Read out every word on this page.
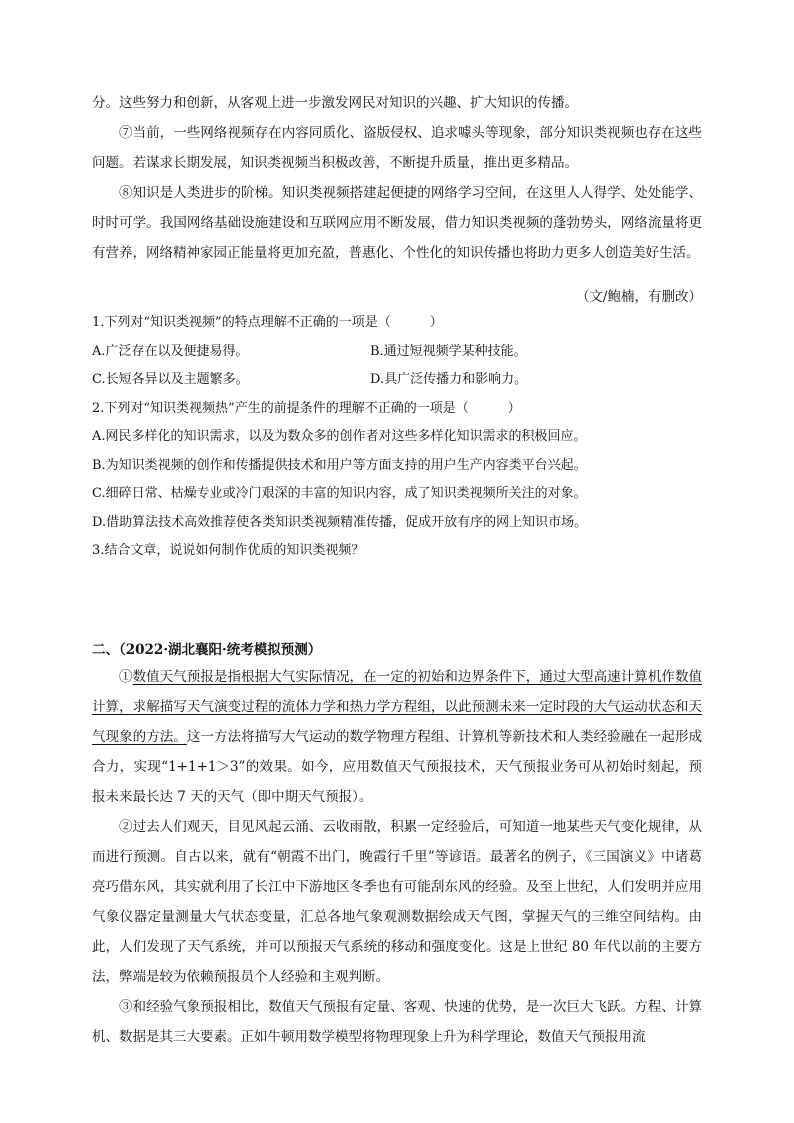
分。这些努力和创新，从客观上进一步激发网民对知识的兴趣、扩大知识的传播。

⑦当前，一些网络视频存在内容同质化、盗版侵权、追求噱头等现象，部分知识类视频也存在这些问题。若谋求长期发展，知识类视频当积极改善，不断提升质量，推出更多精品。

⑧知识是人类进步的阶梯。知识类视频搭建起便捷的网络学习空间，在这里人人得学、处处能学、时时可学。我国网络基础设施建设和互联网应用不断发展，借力知识类视频的蓬勃势头，网络流量将更有营养，网络精神家园正能量将更加充盈，普惠化、个性化的知识传播也将助力更多人创造美好生活。

（文/鲍楠，有删改）

1.下列对“知识类视频”的特点理解不正确的一项是（　　　）

A.广泛存在以及便捷易得。	B.通过短视频学某种技能。
C.长短各异以及主题繁多。	D.具广泛传播力和影响力。

2.下列对“知识类视频热”产生的前提条件的理解不正确的一项是（　　　）

A.网民多样化的知识需求，以及为数众多的创作者对这些多样化知识需求的积极回应。

B.为知识类视频的创作和传播提供技术和用户等方面支持的用户生产内容类平台兴起。

C.细碎日常、枯燥专业或冷门艰深的丰富的知识内容，成了知识类视频所关注的对象。

D.借助算法技术高效推荐使各类知识类视频精准传播，促成开放有序的网上知识市场。

3.结合文章，说说如何制作优质的知识类视频？

二、（2022·湖北襄阳·统考模拟预测）

①数值天气预报是指根据大气实际情况，在一定的初始和边界条件下，通过大型高速计算机作数值计算，求解描写天气演变过程的流体力学和热力学方程组，以此预测未来一定时段的大气运动状态和天气现象的方法。这一方法将描写大气运动的数学物理方程组、计算机等新技术和人类经验融在一起形成合力，实现“1+1+1＞3”的效果。如今，应用数值天气预报技术，天气预报业务可从初始时刻起，预报未来最长达 7 天的天气（即中期天气预报）。

②过去人们观天，目见风起云涌、云收雨散，积累一定经验后，可知道一地某些天气变化规律，从而进行预测。自古以来，就有“朝霞不出门，晚霞行千里”等谚语。最著名的例子，《三国演义》中诸葛亮巧借东风，其实就利用了长江中下游地区冬季也有可能刮东风的经验。及至上世纪，人们发明并应用气象仪器定量测量大气状态变量，汇总各地气象观测数据绘成天气图，掌握天气的三维空间结构。由此，人们发现了天气系统，并可以预报天气系统的移动和强度变化。这是上世纪 80 年代以前的主要方法，弊端是较为依赖预报员个人经验和主观判断。

③和经验气象预报相比，数值天气预报有定量、客观、快速的优势，是一次巨大飞跃。方程、计算机、数据是其三大要素。正如牛顿用数学模型将物理现象上升为科学理论，数值天气预报用流
